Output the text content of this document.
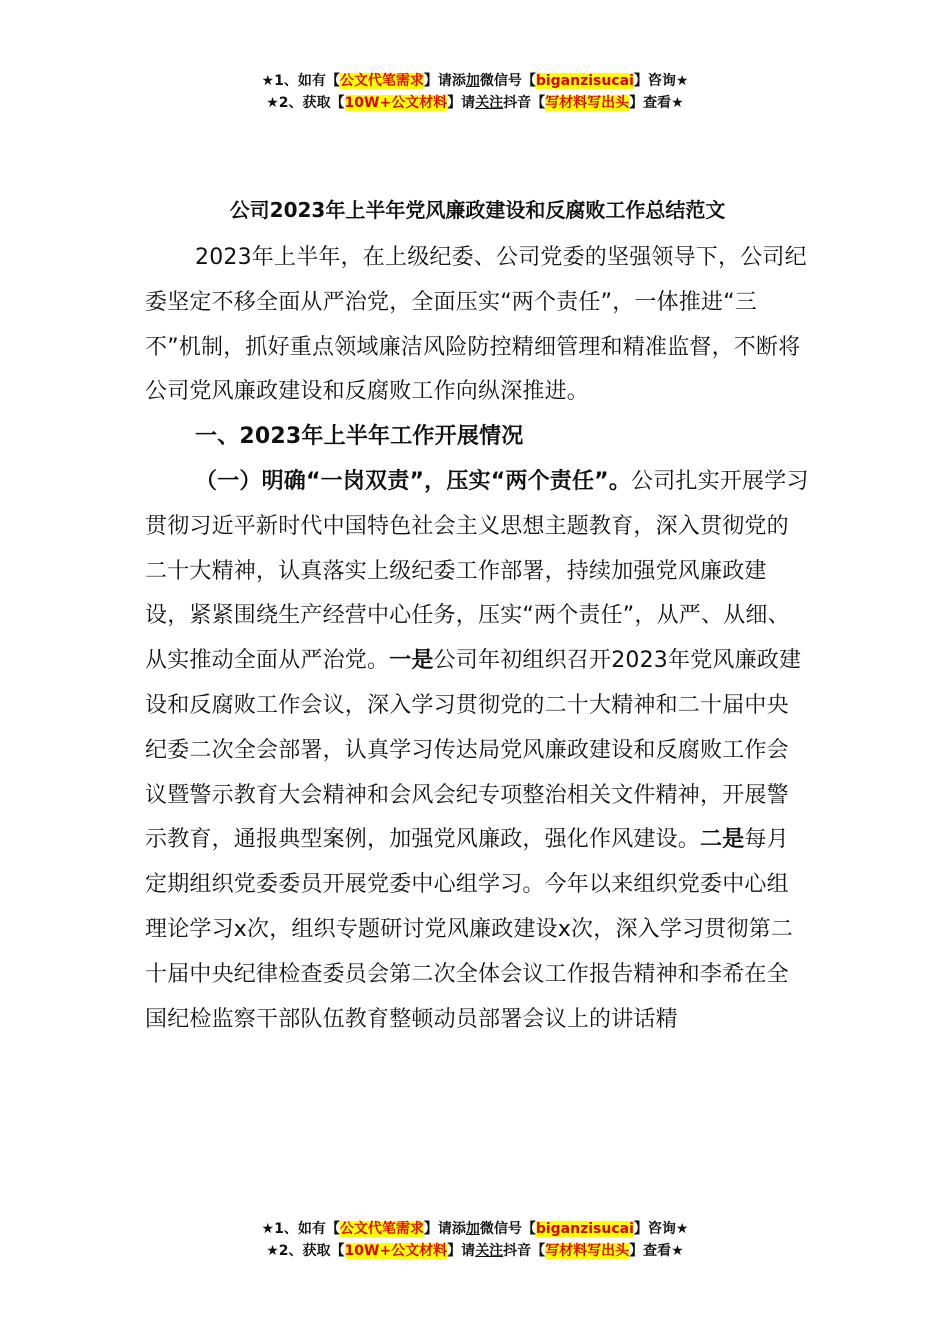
★1、如有【公文代笔需求】请添加微信号【biganzisucai】咨询★
★2、获取【10W+公文材料】请关注抖音【写材料写出头】查看★
公司2023年上半年党风廉政建设和反腐败工作总结范文

2023年上半年，在上级纪委、公司党委的坚强领导下，公司纪委坚定不移全面从严治党，全面压实“两个责任”，一体推进“三不”机制，抓好重点领域廉洁风险防控精细管理和精准监督，不断将公司党风廉政建设和反腐败工作向纵深推进。

一、2023年上半年工作开展情况

（一）明确“一岗双责”，压实“两个责任”。公司扎实开展学习贯彻习近平新时代中国特色社会主义思想主题教育，深入贯彻党的二十大精神，认真落实上级纪委工作部署，持续加强党风廉政建设，紧紧围绕生产经营中心任务，压实“两个责任”，从严、从细、从实推动全面从严治党。一是公司年初组织召开2023年党风廉政建设和反腐败工作会议，深入学习贯彻党的二十大精神和二十届中央纪委二次全会部署，认真学习传达局党风廉政建设和反腐败工作会议暨警示教育大会精神和会风会纪专项整治相关文件精神，开展警示教育，通报典型案例，加强党风廉政，强化作风建设。二是每月定期组织党委委员开展党委中心组学习。今年以来组织党委中心组理论学习x次，组织专题研讨党风廉政建设x次，深入学习贯彻第二十届中央纪律检查委员会第二次全体会议工作报告精神和李希在全国纪检监察干部队伍教育整顿动员部署会议上的讲话精

★1、如有【公文代笔需求】请添加微信号【biganzisucai】咨询★
★2、获取【10W+公文材料】请关注抖音【写材料写出头】查看★
